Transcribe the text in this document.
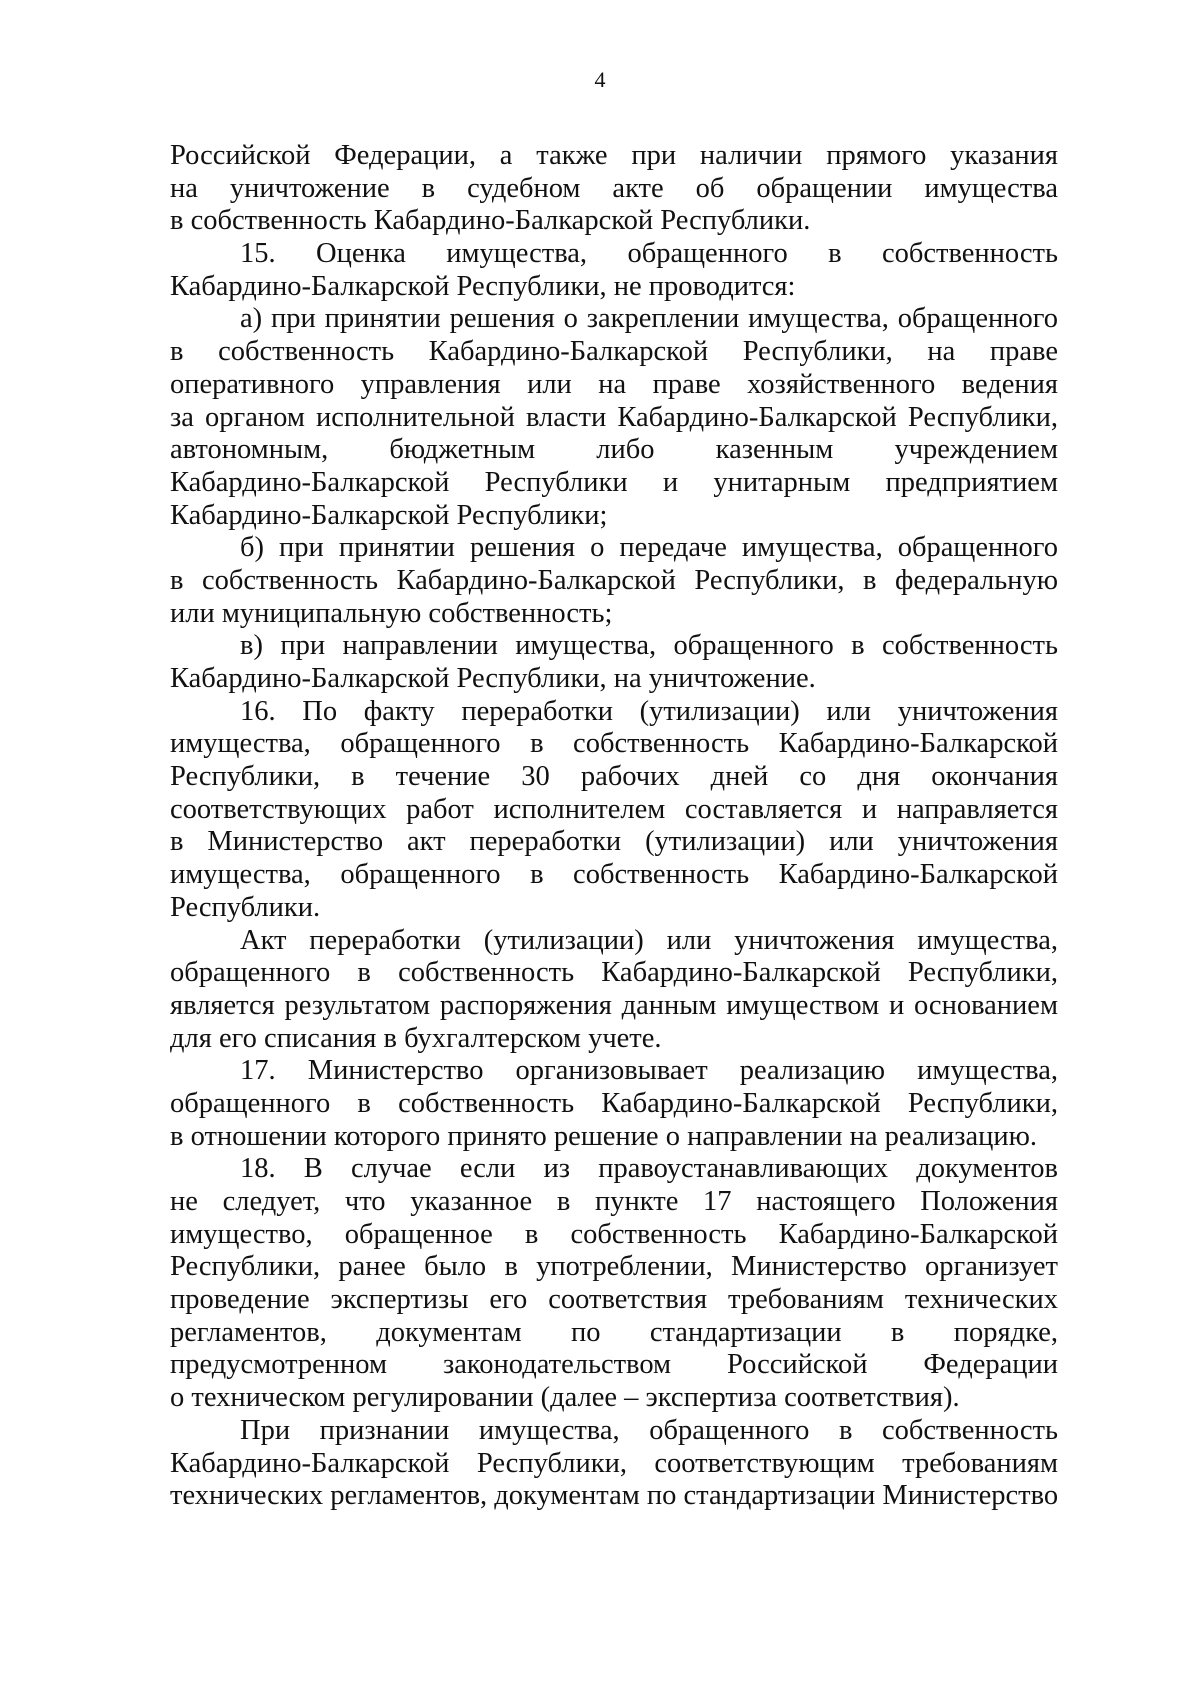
4
Российской Федерации, а также при наличии прямого указания
на уничтожение в судебном акте об обращении имущества
в собственность Кабардино-Балкарской Республики.
15. Оценка имущества, обращенного в собственность
Кабардино-Балкарской Республики, не проводится:
а) при принятии решения о закреплении имущества, обращенного
в собственность Кабардино-Балкарской Республики, на праве
оперативного управления или на праве хозяйственного ведения
за органом исполнительной власти Кабардино-Балкарской Республики,
автономным, бюджетным либо казенным учреждением
Кабардино-Балкарской Республики и унитарным предприятием
Кабардино-Балкарской Республики;
б) при принятии решения о передаче имущества, обращенного
в собственность Кабардино-Балкарской Республики, в федеральную
или муниципальную собственность;
в) при направлении имущества, обращенного в собственность
Кабардино-Балкарской Республики, на уничтожение.
16. По факту переработки (утилизации) или уничтожения
имущества, обращенного в собственность Кабардино-Балкарской
Республики, в течение 30 рабочих дней со дня окончания
соответствующих работ исполнителем составляется и направляется
в Министерство акт переработки (утилизации) или уничтожения
имущества, обращенного в собственность Кабардино-Балкарской
Республики.
Акт переработки (утилизации) или уничтожения имущества,
обращенного в собственность Кабардино-Балкарской Республики,
является результатом распоряжения данным имуществом и основанием
для его списания в бухгалтерском учете.
17. Министерство организовывает реализацию имущества,
обращенного в собственность Кабардино-Балкарской Республики,
в отношении которого принято решение о направлении на реализацию.
18. В случае если из правоустанавливающих документов
не следует, что указанное в пункте 17 настоящего Положения
имущество, обращенное в собственность Кабардино-Балкарской
Республики, ранее было в употреблении, Министерство организует
проведение экспертизы его соответствия требованиям технических
регламентов, документам по стандартизации в порядке,
предусмотренном законодательством Российской Федерации
о техническом регулировании (далее – экспертиза соответствия).
При признании имущества, обращенного в собственность
Кабардино-Балкарской Республики, соответствующим требованиям
технических регламентов, документам по стандартизации Министерство
